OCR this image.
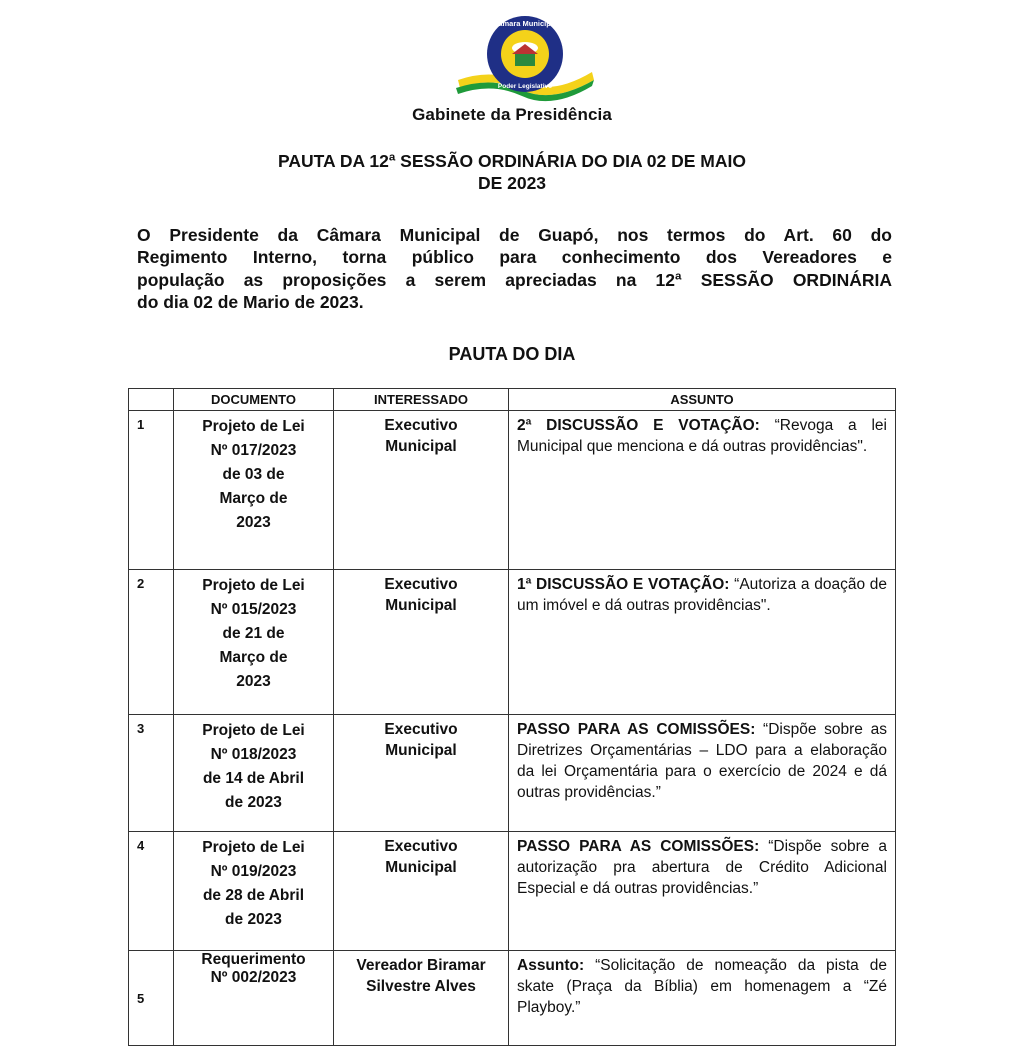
Câmara Municipal
Poder Legislativo
Gabinete da Presidência
PAUTA DA 12ª SESSÃO ORDINÁRIA DO DIA 02 DE MAIO
DE 2023
O Presidente da Câmara Municipal de Guapó, nos termos do Art. 60 do
Regimento Interno, torna público para conhecimento dos Vereadores e
população as proposições a serem apreciadas na 12ª SESSÃO ORDINÁRIA
do dia 02 de Mario de 2023.
PAUTA DO DIA
	DOCUMENTO	INTERESSADO	ASSUNTO
1	Projeto de Lei
Nº 017/2023
de 03 de
Março de
2023	Executivo
Municipal	2ª DISCUSSÃO E VOTAÇÃO: “Revoga a lei Municipal que menciona e dá outras providências".
2	Projeto de Lei
Nº 015/2023
de 21 de
Março de
2023	Executivo
Municipal	1ª DISCUSSÃO E VOTAÇÃO: “Autoriza a doação de um imóvel e dá outras providências".
3	Projeto de Lei
Nº 018/2023
de 14 de Abril
de 2023	Executivo
Municipal	PASSO PARA AS COMISSÕES: “Dispõe sobre as Diretrizes Orçamentárias – LDO para a elaboração da lei Orçamentária para o exercício de 2024 e dá outras providências.”
4	Projeto de Lei
Nº 019/2023
de 28 de Abril
de 2023	Executivo
Municipal	PASSO PARA AS COMISSÕES: “Dispõe sobre a autorização pra abertura de Crédito Adicional Especial e dá outras providências.”
5	Requerimento
Nº 002/2023	Vereador Biramar
Silvestre Alves	Assunto: “Solicitação de nomeação da pista de skate (Praça da Bíblia) em homenagem a “Zé Playboy.”
